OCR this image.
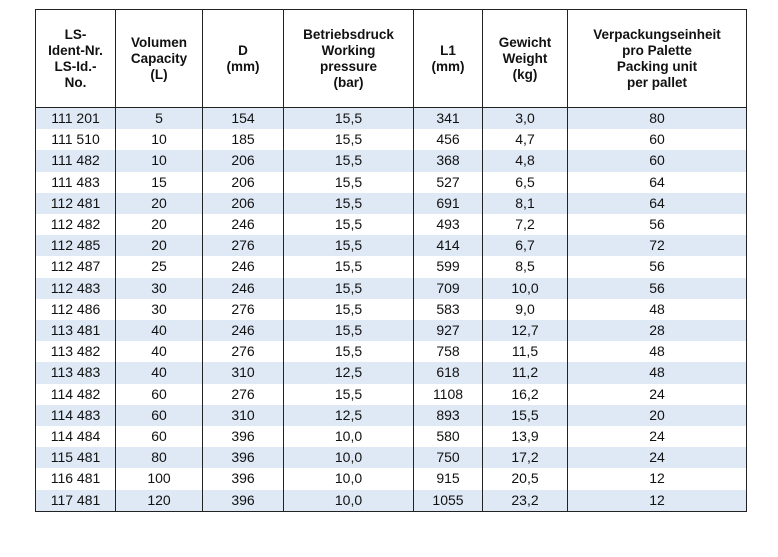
LS-
Ident-Nr.
LS-Id.-
No.	Volumen
Capacity
(L)	D
(mm)	Betriebsdruck
Working
pressure
(bar)	L1
(mm)	Gewicht
Weight
(kg)	Verpackungseinheit
pro Palette
Packing unit
per pallet

111 201	5	154	15,5	341	3,0	80
111 510	10	185	15,5	456	4,7	60
111 482	10	206	15,5	368	4,8	60
111 483	15	206	15,5	527	6,5	64
112 481	20	206	15,5	691	8,1	64
112 482	20	246	15,5	493	7,2	56
112 485	20	276	15,5	414	6,7	72
112 487	25	246	15,5	599	8,5	56
112 483	30	246	15,5	709	10,0	56
112 486	30	276	15,5	583	9,0	48
113 481	40	246	15,5	927	12,7	28
113 482	40	276	15,5	758	11,5	48
113 483	40	310	12,5	618	11,2	48
114 482	60	276	15,5	1108	16,2	24
114 483	60	310	12,5	893	15,5	20
114 484	60	396	10,0	580	13,9	24
115 481	80	396	10,0	750	17,2	24
116 481	100	396	10,0	915	20,5	12
117 481	120	396	10,0	1055	23,2	12
